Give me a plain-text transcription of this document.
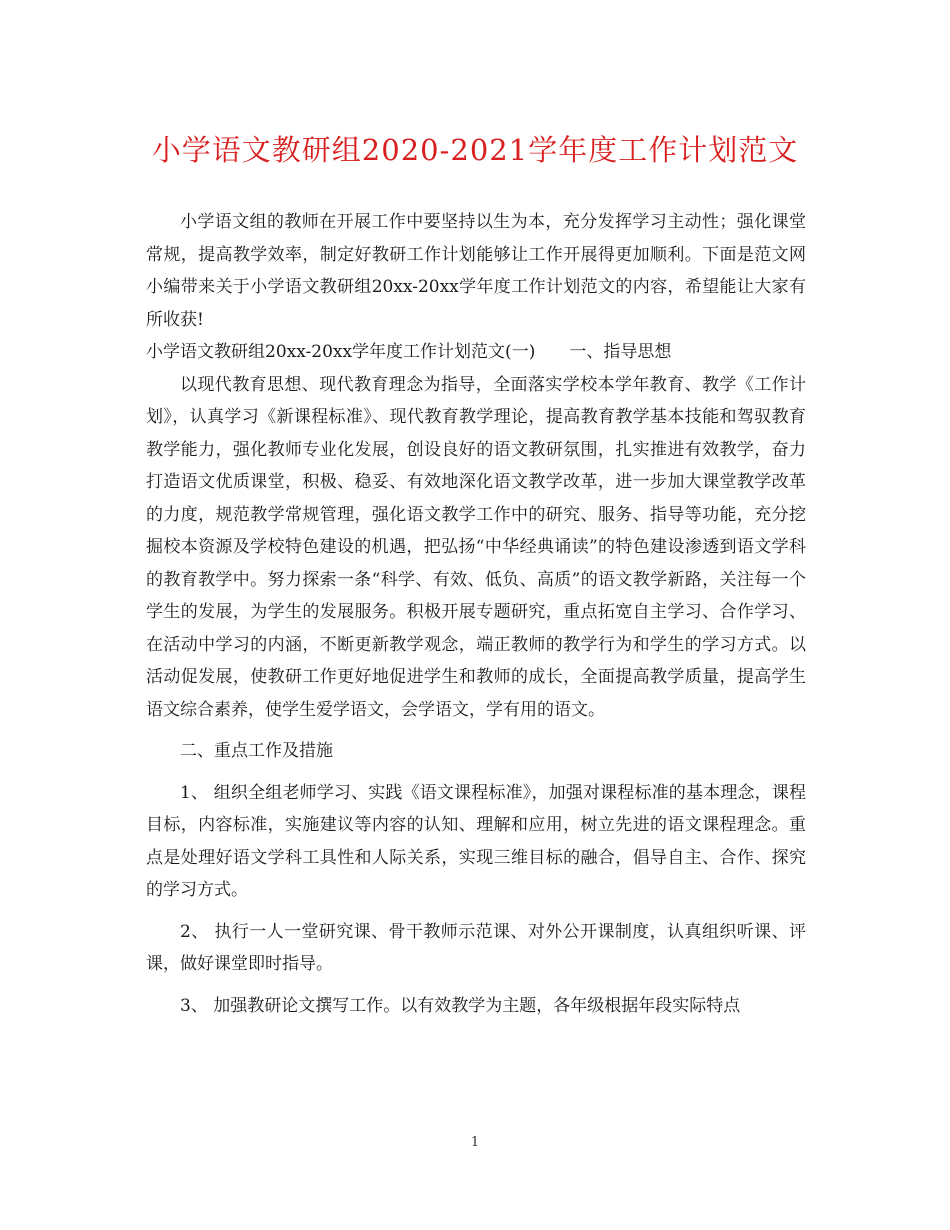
小学语文教研组2020-2021学年度工作计划范文

小学语文组的教师在开展工作中要坚持以生为本，充分发挥学习主动性；强化课堂常规，提高教学效率，制定好教研工作计划能够让工作开展得更加顺利。下面是范文网小编带来关于小学语文教研组20xx-20xx学年度工作计划范文的内容，希望能让大家有所收获!

小学语文教研组20xx-20xx学年度工作计划范文(一)　　一、指导思想

以现代教育思想、现代教育理念为指导，全面落实学校本学年教育、教学《工作计划》，认真学习《新课程标准》、现代教育教学理论，提高教育教学基本技能和驾驭教育教学能力，强化教师专业化发展，创设良好的语文教研氛围，扎实推进有效教学，奋力打造语文优质课堂，积极、稳妥、有效地深化语文教学改革，进一步加大课堂教学改革的力度，规范教学常规管理，强化语文教学工作中的研究、服务、指导等功能，充分挖掘校本资源及学校特色建设的机遇，把弘扬“中华经典诵读”的特色建设渗透到语文学科的教育教学中。努力探索一条“科学、有效、低负、高质”的语文教学新路，关注每一个学生的发展，为学生的发展服务。积极开展专题研究，重点拓宽自主学习、合作学习、在活动中学习的内涵，不断更新教学观念，端正教师的教学行为和学生的学习方式。以活动促发展，使教研工作更好地促进学生和教师的成长，全面提高教学质量，提高学生语文综合素养，使学生爱学语文，会学语文，学有用的语文。

二、重点工作及措施

1、 组织全组老师学习、实践《语文课程标准》，加强对课程标准的基本理念，课程目标，内容标准，实施建议等内容的认知、理解和应用，树立先进的语文课程理念。重点是处理好语文学科工具性和人际关系，实现三维目标的融合，倡导自主、合作、探究的学习方式。

2、 执行一人一堂研究课、骨干教师示范课、对外公开课制度，认真组织听课、评课，做好课堂即时指导。

3、 加强教研论文撰写工作。以有效教学为主题，各年级根据年段实际特点

1
